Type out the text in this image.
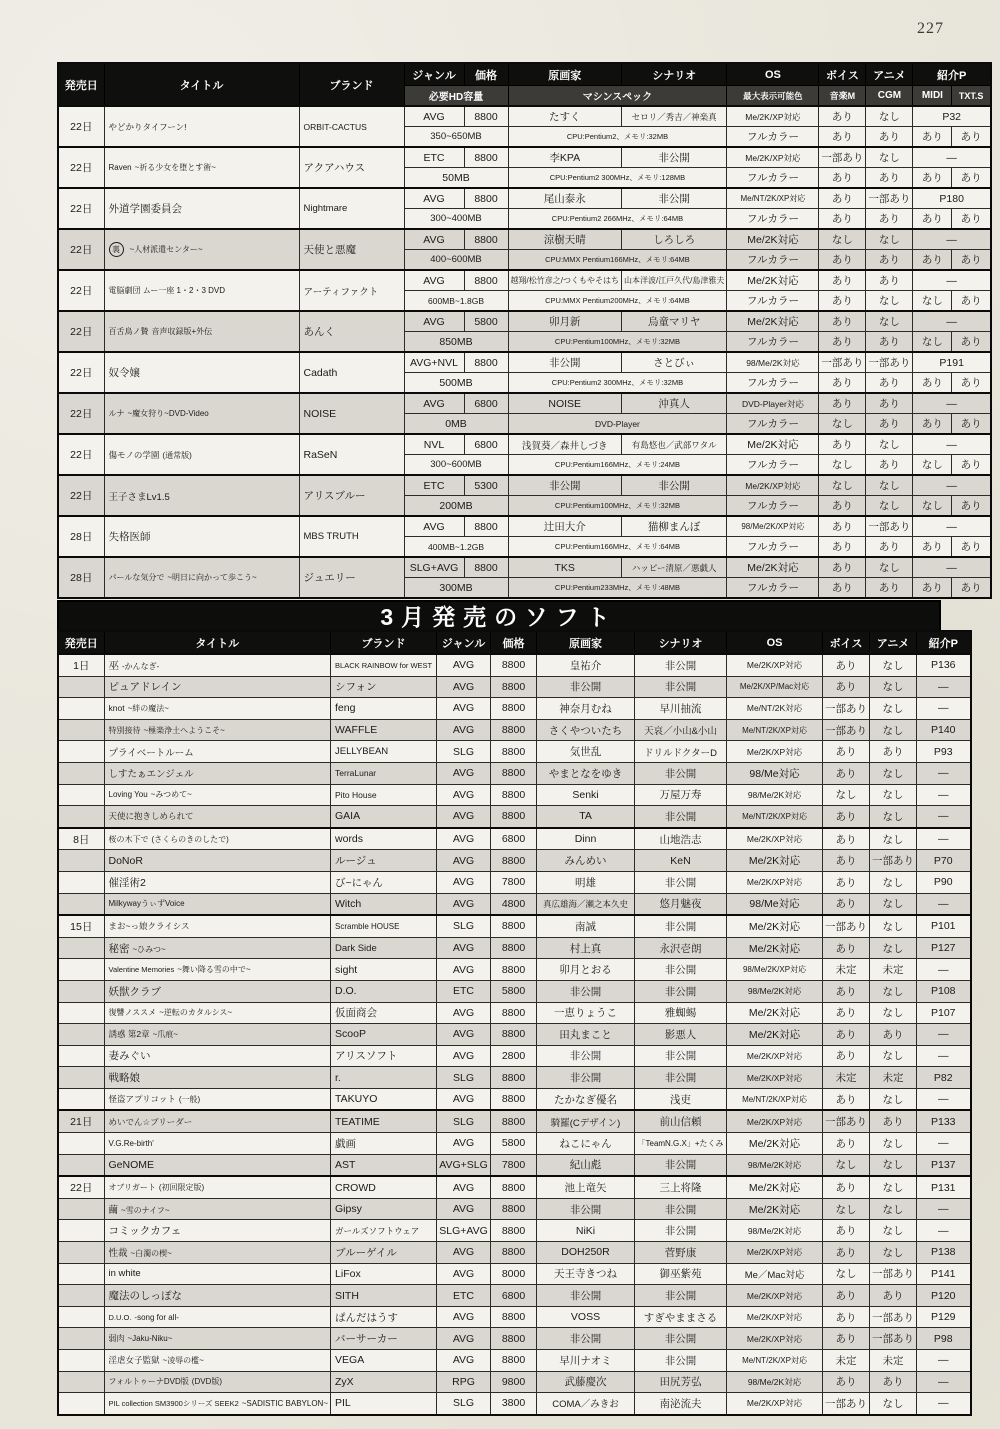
227
発売日	タイトル	ブランド	ジャンル	価格	原画家	シナリオ	OS	ボイス	アニメ	紹介P	
			必要HD容量		マシンスペック		最大表示可能色	音楽M	CGM	MIDI	TXT.S
22日	やどかりタイフーン!	ORBIT-CACTUS	AVG	8800	たすく	セロリ／秀吉／神楽真	Me/2K/XP対応	あり	なし	P32	
			350~650MB		CPU:Pentium2、メモリ:32MB		フルカラー	あり	あり	あり	あり
22日	Raven ~祈る少女を堕とす術~	アクアハウス	ETC	8800	李KPA	非公開	Me/2K/XP対応	一部あり	なし	—	
			50MB		CPU:Pentium2 300MHz、メモリ:128MB		フルカラー	あり	あり	あり	あり
22日	外道学園委員会	Nightmare	AVG	8800	尾山泰永	非公開	Me/NT/2K/XP対応	あり	一部あり	P180	
			300~400MB		CPU:Pentium2 266MHz、メモリ:64MB		フルカラー	あり	あり	あり	あり
22日	裏 ~人材派遣センター~	天使と悪魔	AVG	8800	涼樹天晴	しろしろ	Me/2K対応	なし	なし	—	
			400~600MB		CPU:MMX Pentium166MHz、メモリ:64MB		フルカラー	あり	あり	あり	あり
22日	電脳劇団 ムー一座 1・2・3 DVD	アーティファクト	AVG	8800	越翔/松竹彦之/つくもやそはち	山本洋波/江戸久代/島津雅夫	Me/2K対応	あり	あり	—	
			600MB~1.8GB		CPU:MMX Pentium200MHz、メモリ:64MB		フルカラー	あり	なし	なし	あり
22日	百舌鳥ノ贄 音声収録版+外伝	あんく	AVG	5800	卯月新	烏童マリヤ	Me/2K対応	あり	なし	—	
			850MB		CPU:Pentium100MHz、メモリ:32MB		フルカラー	あり	あり	なし	あり
22日	奴令嬢	Cadath	AVG+NVL	8800	非公開	さとびぃ	98/Me/2K対応	一部あり	一部あり	P191	
			500MB		CPU:Pentium2 300MHz、メモリ:32MB		フルカラー	あり	あり	あり	あり
22日	ルナ ~魔女狩り~DVD-Video	NOISE	AVG	6800	NOISE	沖真人	DVD-Player対応	あり	あり	—	
			0MB		DVD-Player		フルカラー	なし	あり	あり	あり
22日	傷モノの学園 (通常版)	RaSeN	NVL	6800	浅賀葵／森井しづき	有島悠也／武部ワタル	Me/2K対応	あり	なし	—	
			300~600MB		CPU:Pentium166MHz、メモリ:24MB		フルカラー	なし	あり	なし	あり
22日	王子さまLv1.5	アリスブルー	ETC	5300	非公開	非公開	Me/2K/XP対応	なし	なし	—	
			200MB		CPU:Pentium100MHz、メモリ:32MB		フルカラー	あり	なし	なし	あり
28日	失格医師	MBS TRUTH	AVG	8800	辻田大介	猫柳まんぼ	98/Me/2K/XP対応	あり	一部あり	—	
			400MB~1.2GB		CPU:Pentium166MHz、メモリ:64MB		フルカラー	あり	あり	あり	あり
28日	パールな気分で ~明日に向かって歩こう~	ジュエリー	SLG+AVG	8800	TKS	ハッピー清原／悪戯人	Me/2K対応	あり	なし	—	
			300MB		CPU:Pentium233MHz、メモリ:48MB		フルカラー	あり	あり	あり	あり
3月発売のソフト
発売日	タイトル	ブランド	ジャンル	価格	原画家	シナリオ	OS	ボイス	アニメ	紹介P
1日	巫 -かんなぎ-	BLACK RAINBOW for WEST	AVG	8800	皇祐介	非公開	Me/2K/XP対応	あり	なし	P136
	ピュアドレイン	シフォン	AVG	8800	非公開	非公開	Me/2K/XP/Mac対応	あり	なし	—
	knot ~絆の魔法~	feng	AVG	8800	神奈月むね	早川抽流	Me/NT/2K対応	一部あり	なし	—
	特別接待 ~極楽浄土へようこそ~	WAFFLE	AVG	8800	さくやついたち	天哀／小山&小山	Me/NT/2K/XP対応	一部あり	なし	P140
	プライベートルーム	JELLYBEAN	SLG	8800	気世乱	ドリルドクターD	Me/2K/XP対応	あり	あり	P93
	しすたぁエンジェル	TerraLunar	AVG	8800	やまとなをゆき	非公開	98/Me対応	あり	なし	—
	Loving You ~みつめて~	Pito House	AVG	8800	Senki	万屋万寿	98/Me/2K対応	なし	なし	—
	天使に抱きしめられて	GAIA	AVG	8800	TA	非公開	Me/NT/2K/XP対応	あり	なし	—
8日	桜の木下で (さくらのきのしたで)	words	AVG	6800	Dinn	山地浩志	Me/2K/XP対応	あり	なし	—
	DoNoR	ルージュ	AVG	8800	みんめい	KeN	Me/2K対応	あり	一部あり	P70
	催淫術2	び~にゃん	AVG	7800	明雄	非公開	Me/2K/XP対応	あり	なし	P90
	MilkywayうぃずVoice	Witch	AVG	4800	真広雄海／瀬之本久史	悠月魅夜	98/Me対応	あり	なし	—
15日	まお~っ娘クライシス	Scramble HOUSE	SLG	8800	南誠	非公開	Me/2K対応	一部あり	なし	P101
	秘密 ~ひみつ~	Dark Side	AVG	8800	村上真	永沢壱朗	Me/2K対応	あり	なし	P127
	Valentine Memories ~舞い降る雪の中で~	sight	AVG	8800	卯月とおる	非公開	98/Me/2K/XP対応	未定	未定	—
	妖獣クラブ	D.O.	ETC	5800	非公開	非公開	98/Me/2K対応	あり	なし	P108
	復讐ノススメ ~逆転のカタルシス~	仮面商会	AVG	8800	一恵りょうこ	雅蜘蜴	Me/2K対応	あり	なし	P107
	誘惑 第2章 ~爪痕~	ScooP	AVG	8800	田丸まこと	影悪人	Me/2K対応	あり	あり	—
	妻みぐい	アリスソフト	AVG	2800	非公開	非公開	Me/2K/XP対応	あり	なし	—
	戦略娘	r.	SLG	8800	非公開	非公開	Me/2K/XP対応	未定	未定	P82
	怪盗アプリコット (一般)	TAKUYO	AVG	8800	たかなぎ優名	浅吏	Me/NT/2K/XP対応	あり	なし	—
21日	めいでん☆ブリーダー	TEATIME	SLG	8800	騎羅(Cデザイン)	前山信頼	Me/2K/XP対応	一部あり	あり	P133
	V.G.Re-birth'	戯画	AVG	5800	ねこにゃん	「TeamN.G.X」+たくみ	Me/2K対応	あり	なし	—
	GeNOME	AST	AVG+SLG	7800	紀山彪	非公開	98/Me/2K対応	なし	なし	P137
22日	オブリガート (初回限定版)	CROWD	AVG	8800	池上竜矢	三上将隆	Me/2K対応	あり	なし	P131
	繭 ~雪のナイフ~	Gipsy	AVG	8800	非公開	非公開	Me/2K対応	なし	なし	—
	コミックカフェ	ガールズソフトウェア	SLG+AVG	8800	NiKi	非公開	98/Me/2K対応	あり	なし	—
	性裁 ~白濁の楔~	ブルーゲイル	AVG	8800	DOH250R	菅野康	Me/2K/XP対応	あり	なし	P138
	in white	LiFox	AVG	8000	天王寺きつね	御巫紫苑	Me／Mac対応	なし	一部あり	P141
	魔法のしっぽな	SITH	ETC	6800	非公開	非公開	Me/2K/XP対応	あり	あり	P120
	D.U.O. -song for all-	ぱんだはうす	AVG	8800	VOSS	すぎやままさる	Me/2K/XP対応	あり	一部あり	P129
	弱肉 ~Jaku-Niku~	バーサーカー	AVG	8800	非公開	非公開	Me/2K/XP対応	あり	一部あり	P98
	淫虐女子監獄 ~凌辱の檻~	VEGA	AVG	8800	早川ナオミ	非公開	Me/NT/2K/XP対応	未定	未定	—
	フォルトゥーナDVD版 (DVD版)	ZyX	RPG	9800	武藤慶次	田尻芳弘	98/Me/2K対応	あり	あり	—
	PIL collection SM3900シリーズ SEEK2 ~SADISTIC BABYLON~	PIL	SLG	3800	COMA／みきお	南泌流夫	Me/2K/XP対応	一部あり	なし	—
